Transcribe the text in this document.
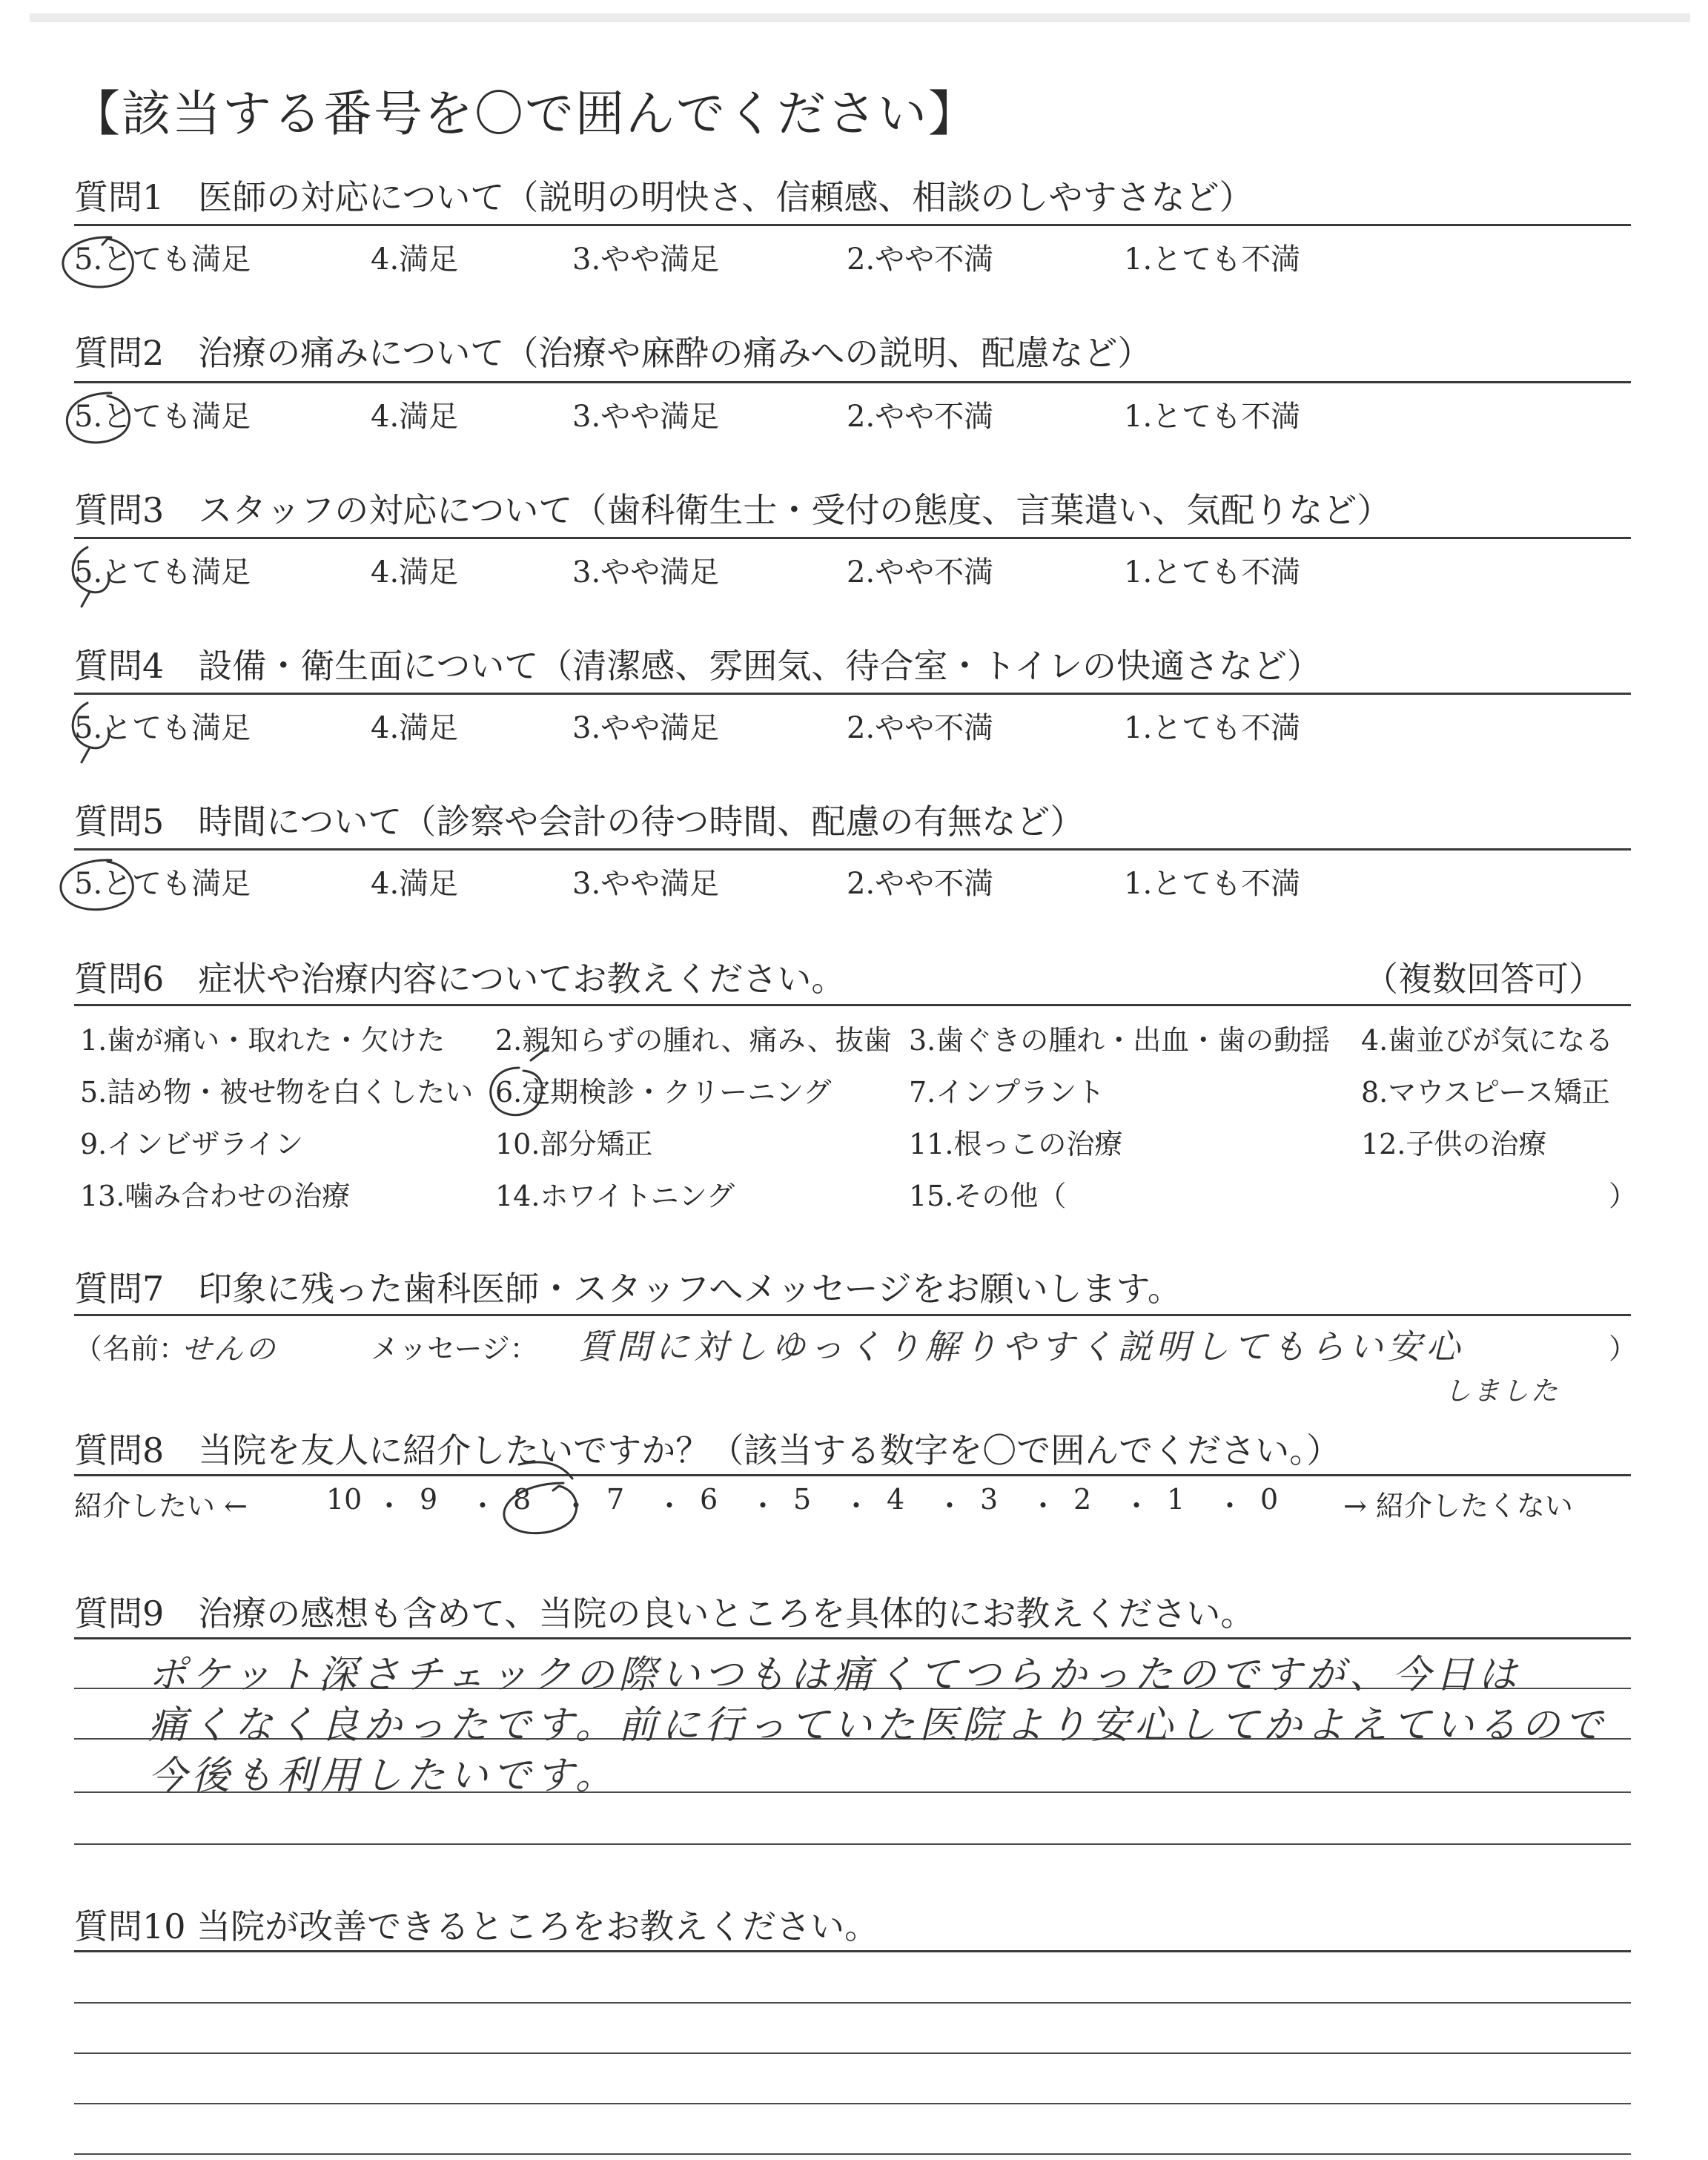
【該当する番号を〇で囲んでください】
質問1　医師の対応について（説明の明快さ、信頼感、相談のしやすさなど）
5.とても満足	4.満足	3.やや満足	2.やや不満	1.とても不満
質問2　治療の痛みについて（治療や麻酔の痛みへの説明、配慮など）
5.とても満足	4.満足	3.やや満足	2.やや不満	1.とても不満
質問3　スタッフの対応について（歯科衛生士・受付の態度、言葉遣い、気配りなど）
5.とても満足	4.満足	3.やや満足	2.やや不満	1.とても不満
質問4　設備・衛生面について（清潔感、雰囲気、待合室・トイレの快適さなど）
5.とても満足	4.満足	3.やや満足	2.やや不満	1.とても不満
質問5　時間について（診察や会計の待つ時間、配慮の有無など）
5.とても満足	4.満足	3.やや満足	2.やや不満	1.とても不満
質問6　症状や治療内容についてお教えください。	（複数回答可）
1.歯が痛い・取れた・欠けた 2.親知らずの腫れ、痛み、抜歯 3.歯ぐきの腫れ・出血・歯の動揺 4.歯並びが気になる
5.詰め物・被せ物を白くしたい 6.定期検診・クリーニング	7.インプラント	8.マウスピース矯正
9.インビザライン	10.部分矯正	11.根っこの治療	12.子供の治療
13.噛み合わせの治療	14.ホワイトニング	15.その他（	）
質問7　印象に残った歯科医師・スタッフへメッセージをお願いします。
（名前：
せんの	メッセージ： 質問に対しゆっくり解りやすく説明してもらい安心
しました
）
質問8　当院を友人に紹介したいですか？（該当する数字を〇で囲んでください。）
紹介したい ←	10 ・ 9 ・ 8 ・ 7 ・ 6 ・ 5 ・ 4 ・ 3 ・ 2 ・ 1 ・ 0 → 紹介したくない
質問9　治療の感想も含めて、当院の良いところを具体的にお教えください。
ポケット深さチェックの際いつもは痛くてつらかったのですが、今日は
痛くなく良かったです。前に行っていた医院より安心してかよえているので
今後も利用したいです。
質問10 当院が改善できるところをお教えください。
